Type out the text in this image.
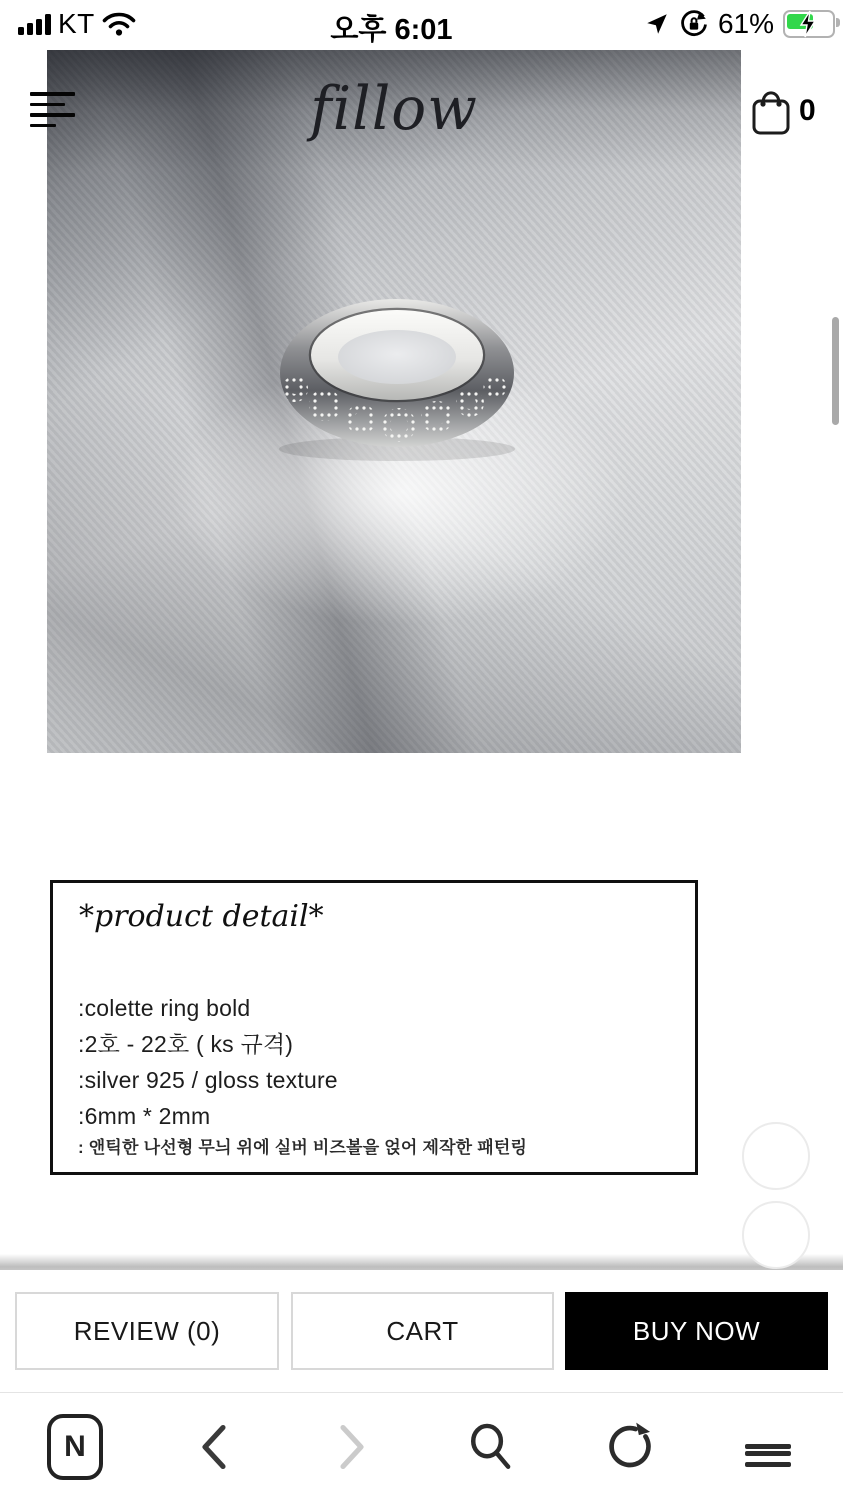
KT	오후 6:01	61%
fillow	0
*product detail*
:colette ring bold
:2호 - 22호 ( ks 규격)
:silver 925 / gloss texture
:6mm * 2mm
: 앤틱한 나선형 무늬 위에 실버 비즈볼을 얹어 제작한 패턴링
REVIEW (0)	CART	BUY NOW
N
